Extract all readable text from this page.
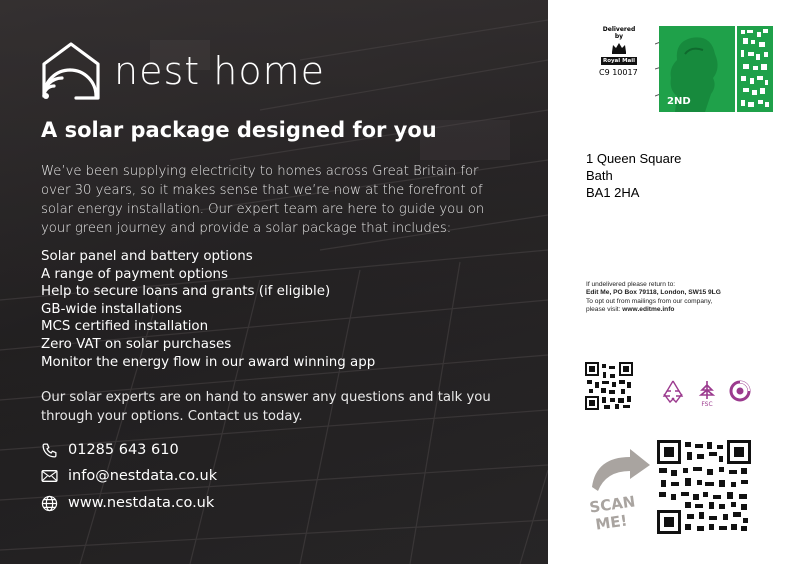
nest home
A solar package designed for you

We’ve been supplying electricity to homes across Great Britain for over 30 years, so it makes sense that we’re now at the forefront of solar energy installation. Our expert team are here to guide you on your green journey and provide a solar package that includes:

Solar panel and battery options
A range of payment options
Help to secure loans and grants (if eligible)
GB-wide installations
MCS certified installation
Zero VAT on solar purchases
Monitor the energy flow in our award winning app

Our solar experts are on hand to answer any questions and talk you through your options. Contact us today.

01285 643 610
info@nestdata.co.uk
www.nestdata.co.uk
Delivered by
Royal Mail
C9 10017
2ND
1 Queen Square
Bath
BA1 2HA
If undelivered please return to:
Edit Me, PO Box 79118, London, SW15 9LG
To opt out from mailings from our company,
please visit: www.editme.info
FSC
SCAN
ME!
